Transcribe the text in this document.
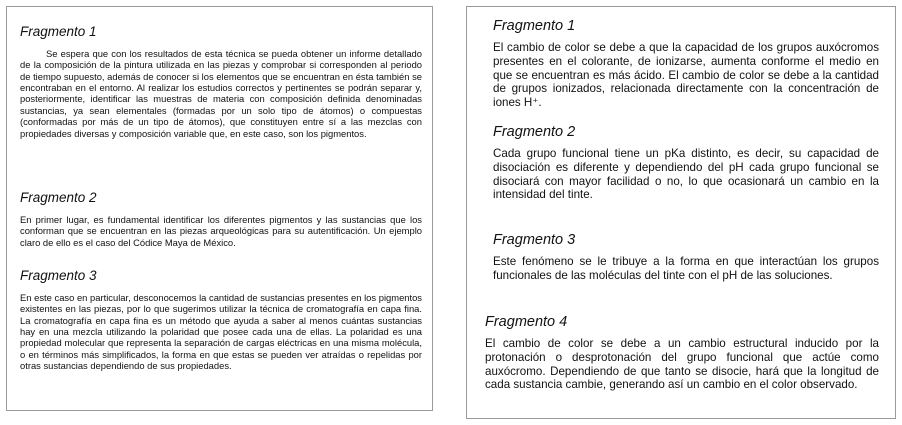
Fragmento 1

Se espera que con los resultados de esta técnica se pueda obtener un informe detallado de la composición de la pintura utilizada en las piezas y comprobar si corresponden al periodo de tiempo supuesto, además de conocer si los elementos que se encuentran en ésta también se encontraban en el entorno. Al realizar los estudios correctos y pertinentes se podrán separar y, posteriormente, identificar las muestras de materia con composición definida denominadas sustancias, ya sean elementales (formadas por un solo tipo de átomos) o compuestas (conformadas por más de un tipo de átomos), que constituyen entre sí a las mezclas con propiedades diversas y composición variable que, en este caso, son los pigmentos.

Fragmento 2

En primer lugar, es fundamental identificar los diferentes pigmentos y las sustancias que los conforman que se encuentran en las piezas arqueológicas para su autentificación. Un ejemplo claro de ello es el caso del Códice Maya de México.

Fragmento 3

En este caso en particular, desconocemos la cantidad de sustancias presentes en los pigmentos existentes en las piezas, por lo que sugerimos utilizar la técnica de cromatografía en capa fina. La cromatografía en capa fina es un método que ayuda a saber al menos cuántas sustancias hay en una mezcla utilizando la polaridad que posee cada una de ellas. La polaridad es una propiedad molecular que representa la separación de cargas eléctricas en una misma molécula, o en términos más simplificados, la forma en que estas se pueden ver atraídas o repelidas por otras sustancias dependiendo de sus propiedades.

Fragmento 1

El cambio de color se debe a que la capacidad de los grupos auxócromos presentes en el colorante, de ionizarse, aumenta conforme el medio en que se encuentran es más ácido. El cambio de color se debe a la cantidad de grupos ionizados, relacionada directamente con la concentración de iones H⁺.

Fragmento 2

Cada grupo funcional tiene un pKa distinto, es decir, su capacidad de disociación es diferente y dependiendo del pH cada grupo funcional se disociará con mayor facilidad o no, lo que ocasionará un cambio en la intensidad del tinte.

Fragmento 3

Este fenómeno se le tribuye a la forma en que interactúan los grupos funcionales de las moléculas del tinte con el pH de las soluciones.

Fragmento 4

El cambio de color se debe a un cambio estructural inducido por la protonación o desprotonación del grupo funcional que actúe como auxócromo. Dependiendo de que tanto se disocie, hará que la longitud de cada sustancia cambie, generando así un cambio en el color observado.
